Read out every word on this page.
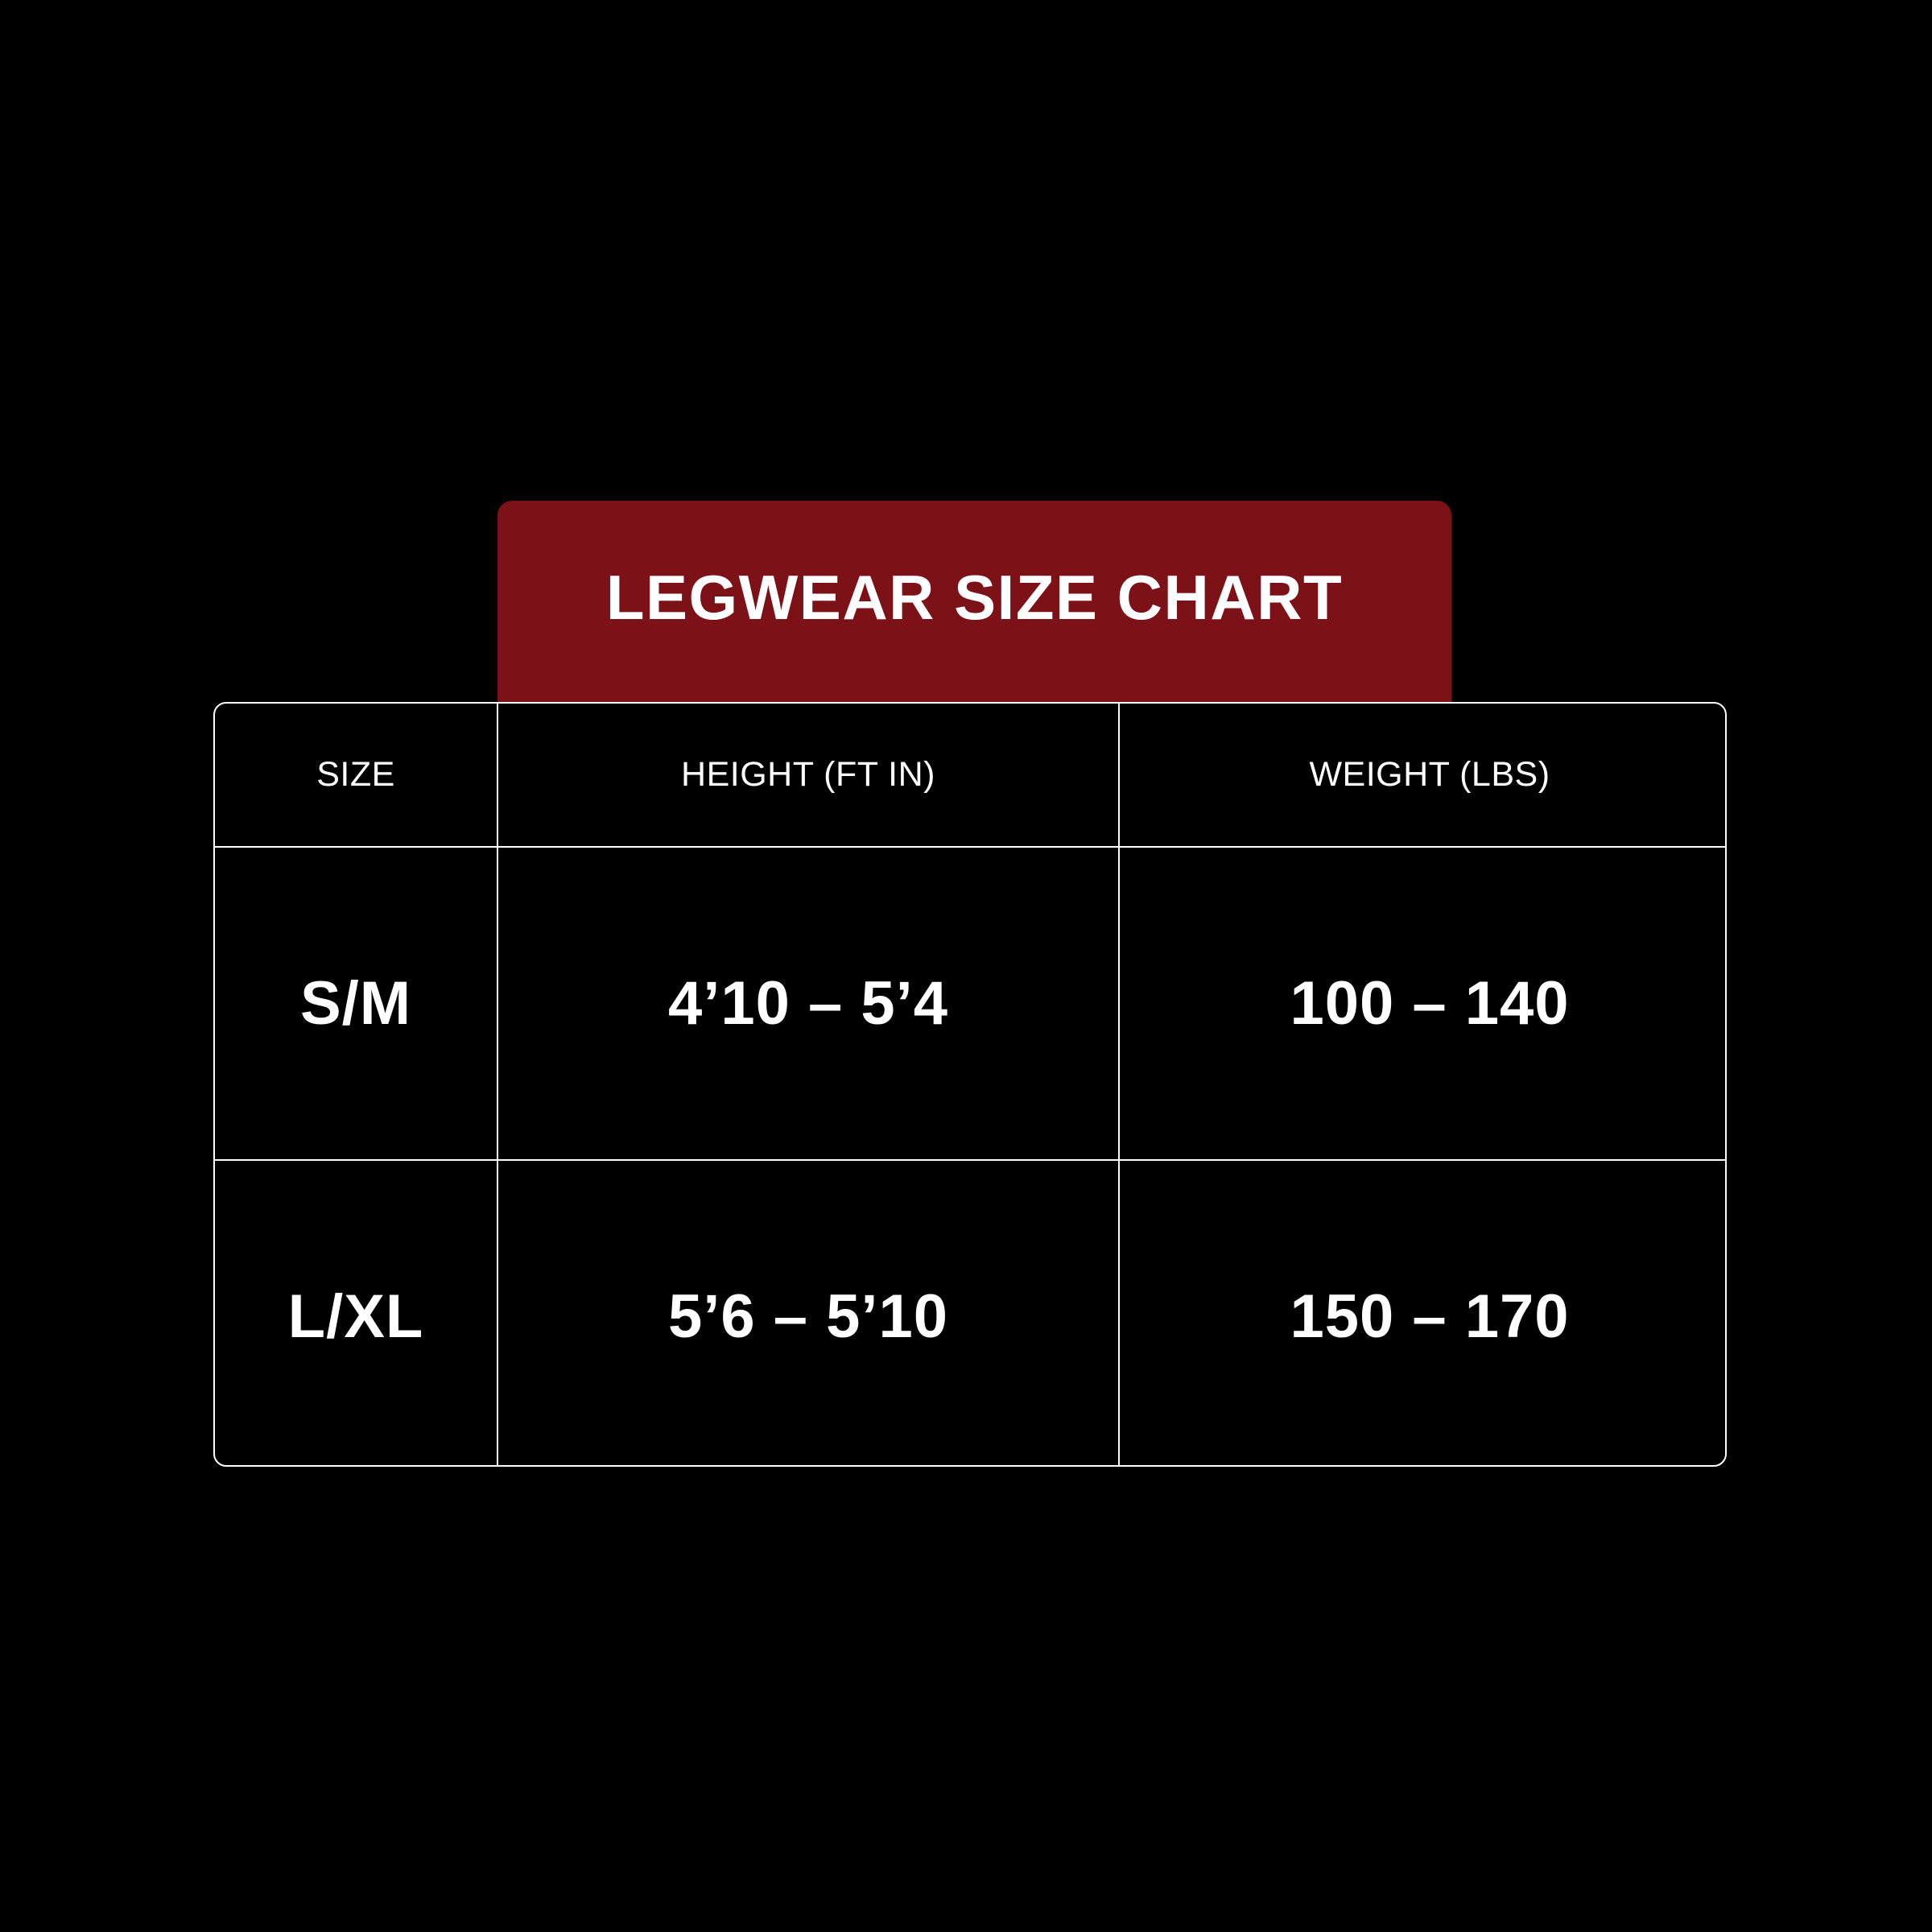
LEGWEAR SIZE CHART
SIZE	HEIGHT (FT IN)	WEIGHT (LBS)
S/M	4’10 – 5’4	100 – 140
L/XL	5’6 – 5’10	150 – 170
